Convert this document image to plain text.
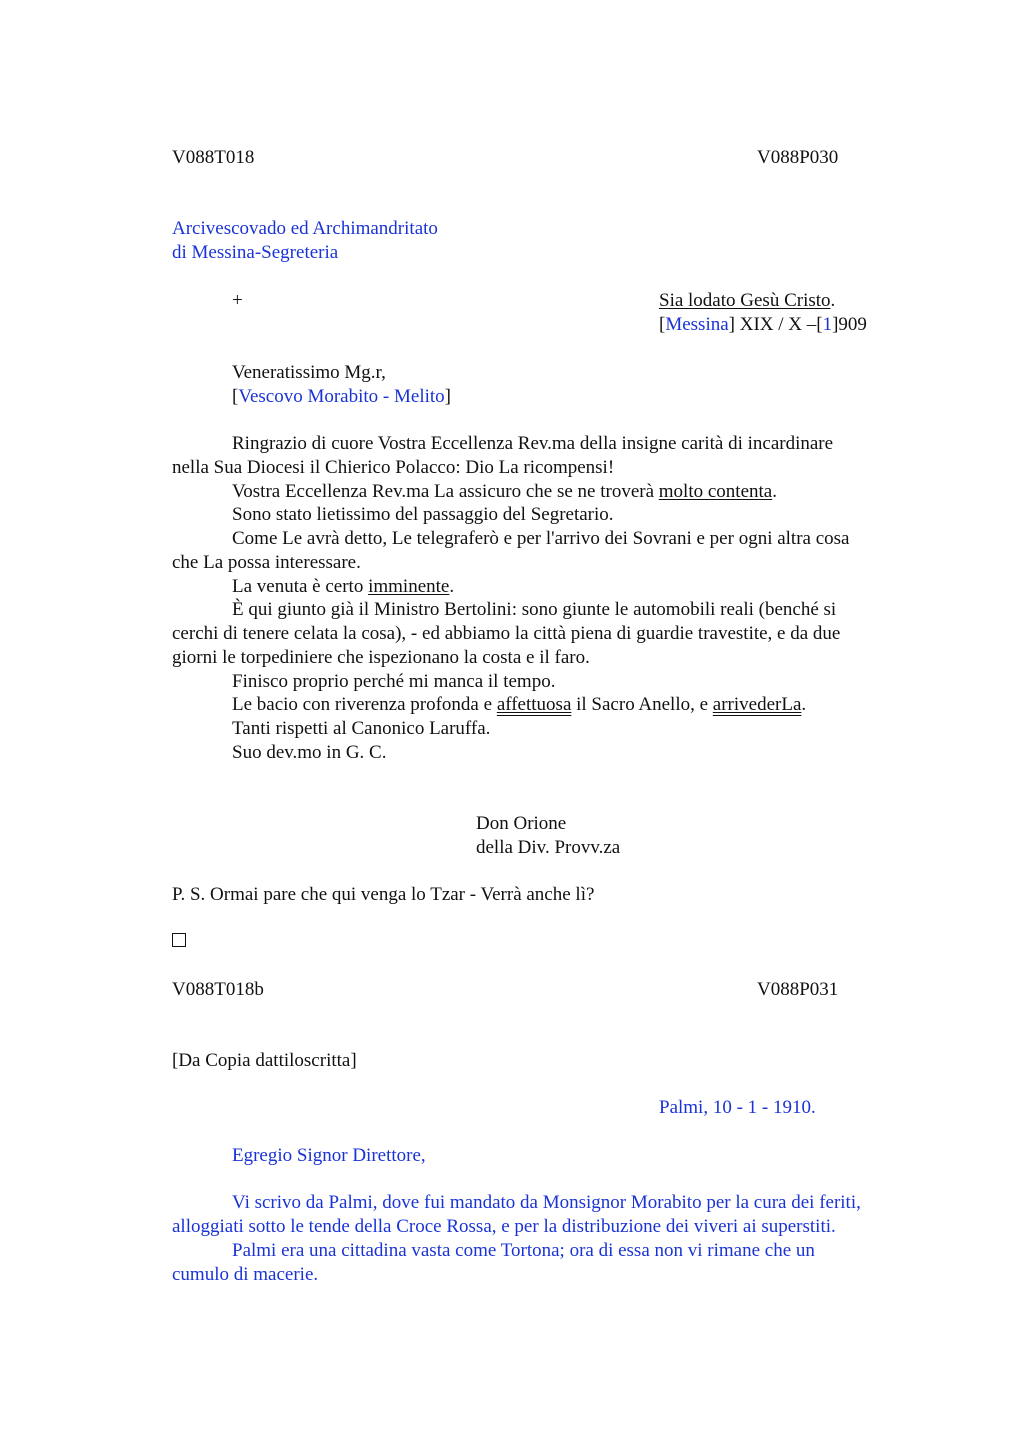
V088T018	V088P030
Arcivescovado ed Archimandritato
di Messina-Segreteria
+	Sia lodato Gesù Cristo.
[Messina] XIX / X –[1]909
Veneratissimo Mg.r,
[Vescovo Morabito - Melito]
Ringrazio di cuore Vostra Eccellenza Rev.ma della insigne carità di incardinare
nella Sua Diocesi il Chierico Polacco: Dio La ricompensi!
Vostra Eccellenza Rev.ma La assicuro che se ne troverà molto contenta.
Sono stato lietissimo del passaggio del Segretario.
Come Le avrà detto, Le telegraferò e per l'arrivo dei Sovrani e per ogni altra cosa
che La possa interessare.
La venuta è certo imminente.
È qui giunto già il Ministro Bertolini: sono giunte le automobili reali (benché si
cerchi di tenere celata la cosa), - ed abbiamo la città piena di guardie travestite, e da due
giorni le torpediniere che ispezionano la costa e il faro.
Finisco proprio perché mi manca il tempo.
Le bacio con riverenza profonda e affettuosa il Sacro Anello, e arrivederLa.
Tanti rispetti al Canonico Laruffa.
Suo dev.mo in G. C.
Don Orione
della Div. Provv.za
P. S. Ormai pare che qui venga lo Tzar - Verrà anche lì?
V088T018b	V088P031
[Da Copia dattiloscritta]
Palmi, 10 - 1 - 1910.
Egregio Signor Direttore,
Vi scrivo da Palmi, dove fui mandato da Monsignor Morabito per la cura dei feriti,
alloggiati sotto le tende della Croce Rossa, e per la distribuzione dei viveri ai superstiti.
Palmi era una cittadina vasta come Tortona; ora di essa non vi rimane che un
cumulo di macerie.
